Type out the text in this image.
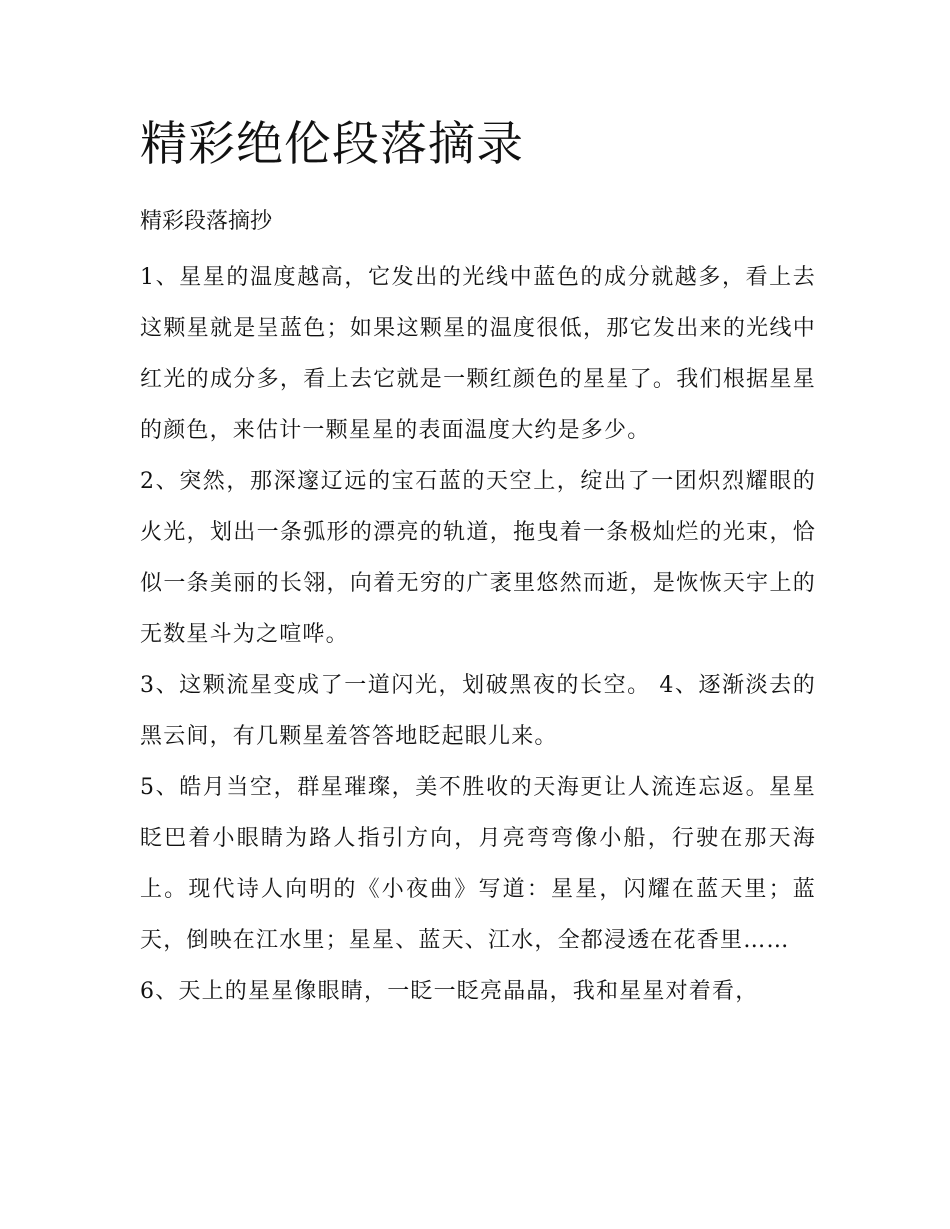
精彩绝伦段落摘录

精彩段落摘抄

1、星星的温度越高，它发出的光线中蓝色的成分就越多，看上去这颗星就是呈蓝色；如果这颗星的温度很低，那它发出来的光线中红光的成分多，看上去它就是一颗红颜色的星星了。我们根据星星的颜色，来估计一颗星星的表面温度大约是多少。

2、突然，那深邃辽远的宝石蓝的天空上，绽出了一团炽烈耀眼的火光，划出一条弧形的漂亮的轨道，拖曳着一条极灿烂的光束，恰似一条美丽的长翎，向着无穷的广袤里悠然而逝，是恢恢天宇上的无数星斗为之喧哗。

3、这颗流星变成了一道闪光，划破黑夜的长空。 4、逐渐淡去的黑云间，有几颗星羞答答地眨起眼儿来。

5、皓月当空，群星璀璨，美不胜收的天海更让人流连忘返。星星眨巴着小眼睛为路人指引方向，月亮弯弯像小船，行驶在那天海上。现代诗人向明的《小夜曲》写道：星星，闪耀在蓝天里；蓝天，倒映在江水里；星星、蓝天、江水，全都浸透在花香里……

6、天上的星星像眼睛，一眨一眨亮晶晶，我和星星对着看，
